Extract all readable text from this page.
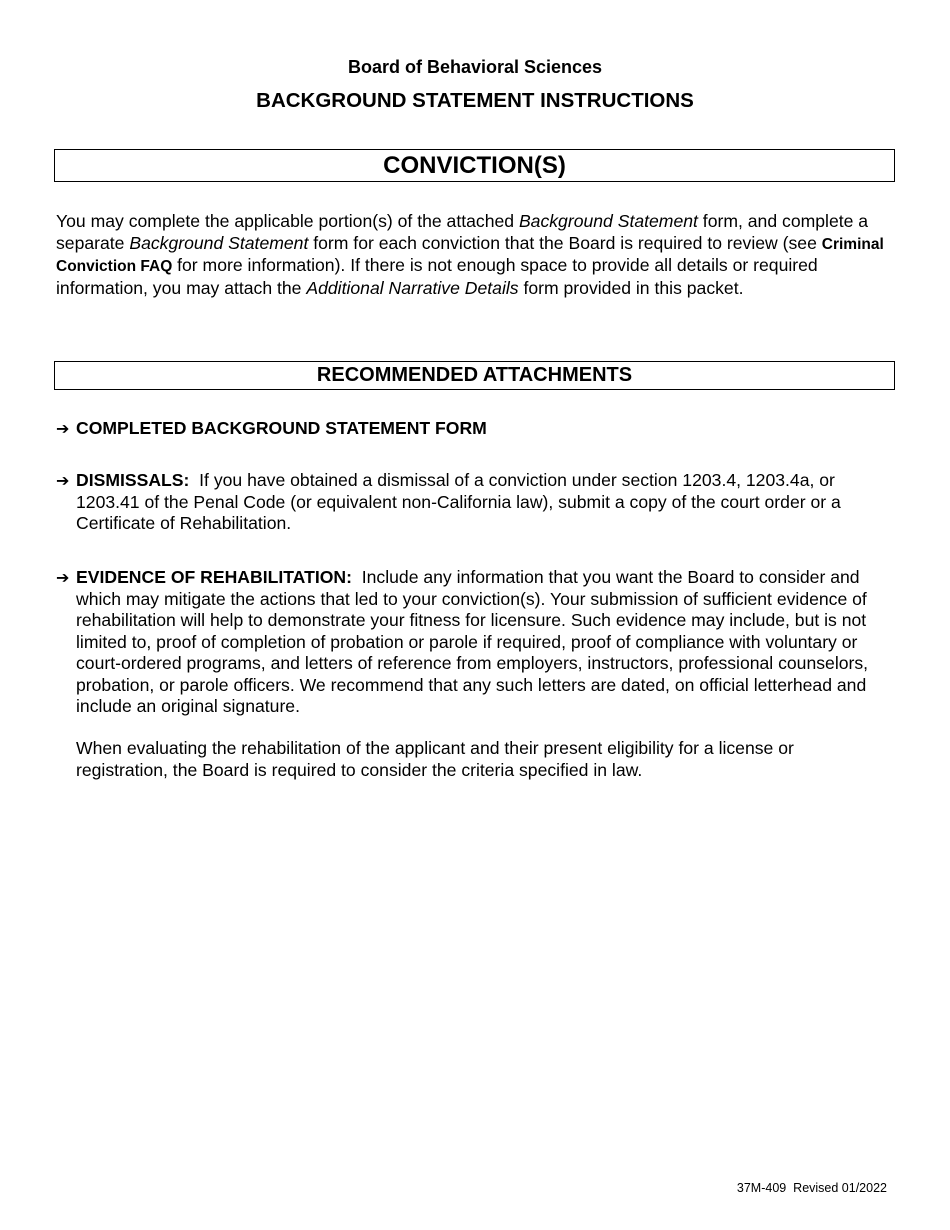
Board of Behavioral Sciences
BACKGROUND STATEMENT INSTRUCTIONS
CONVICTION(S)
You may complete the applicable portion(s) of the attached Background Statement form, and complete a separate Background Statement form for each conviction that the Board is required to review (see Criminal Conviction FAQ for more information). If there is not enough space to provide all details or required information, you may attach the Additional Narrative Details form provided in this packet.
RECOMMENDED ATTACHMENTS
➔ COMPLETED BACKGROUND STATEMENT FORM
➔ DISMISSALS:  If you have obtained a dismissal of a conviction under section 1203.4, 1203.4a, or 1203.41 of the Penal Code (or equivalent non-California law), submit a copy of the court order or a Certificate of Rehabilitation.
➔ EVIDENCE OF REHABILITATION:  Include any information that you want the Board to consider and which may mitigate the actions that led to your conviction(s). Your submission of sufficient evidence of rehabilitation will help to demonstrate your fitness for licensure. Such evidence may include, but is not limited to, proof of completion of probation or parole if required, proof of compliance with voluntary or court-ordered programs, and letters of reference from employers, instructors, professional counselors, probation, or parole officers. We recommend that any such letters are dated, on official letterhead and include an original signature.
When evaluating the rehabilitation of the applicant and their present eligibility for a license or registration, the Board is required to consider the criteria specified in law.
37M-409  Revised 01/2022
